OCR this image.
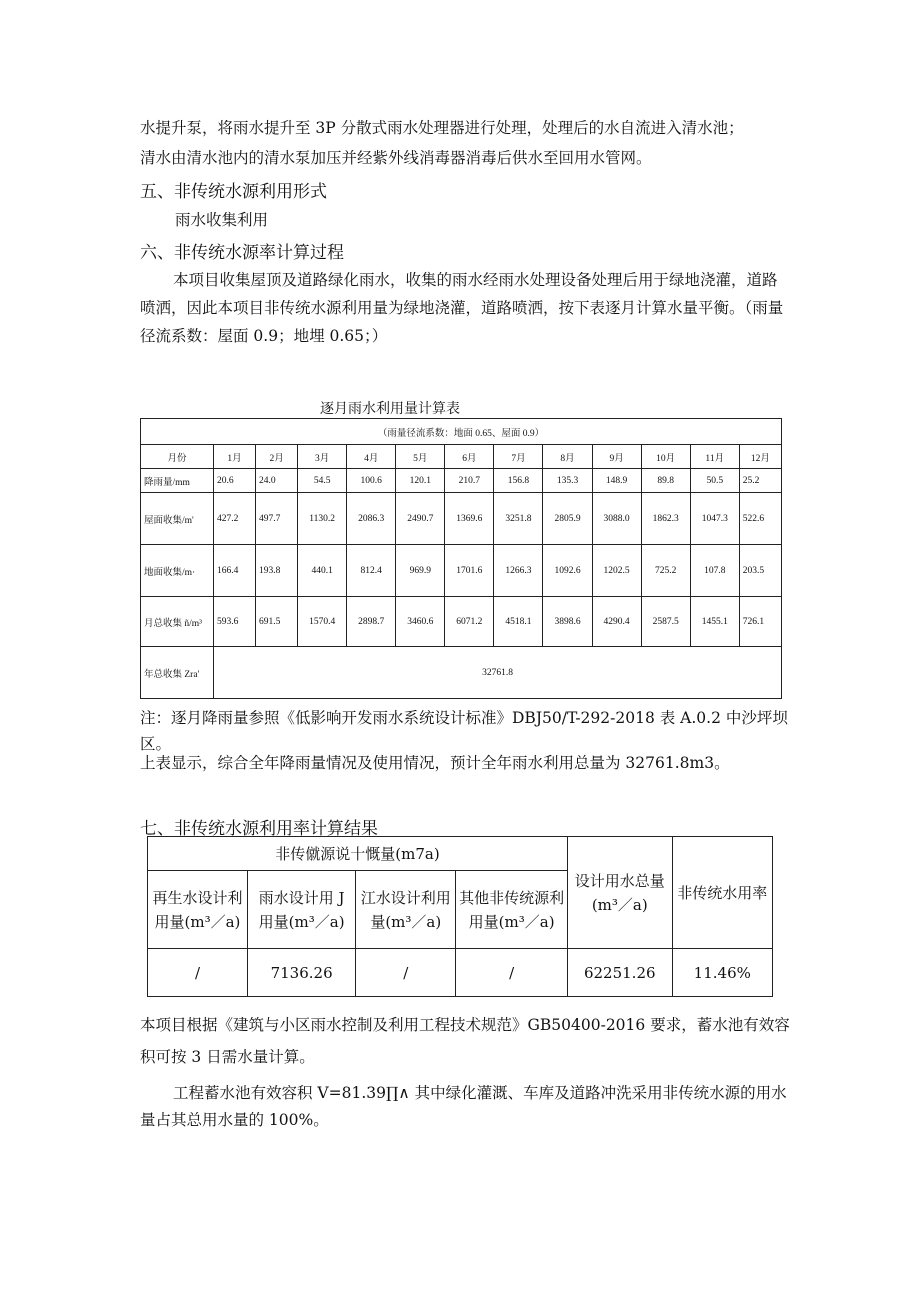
水提升泵，将雨水提升至 3P 分散式雨水处理器进行处理，处理后的水自流进入清水池；

清水由清水池内的清水泵加压并经紫外线消毒器消毒后供水至回用水管网。

五、非传统水源利用形式

雨水收集利用

六、非传统水源率计算过程

本项目收集屋顶及道路绿化雨水，收集的雨水经雨水处理设备处理后用于绿地浇灌，道路喷洒，因此本项目非传统水源利用量为绿地浇灌，道路喷洒，按下表逐月计算水量平衡。（雨量径流系数：屋面 0.9；地埋 0.65；）

逐月雨水利用量计算表
（雨量径流系数：地面 0.65、屋面 0.9）												
月份	1月	2月	3月	4月	5月	6月	7月	8月	9月	10月	11月	12月
降雨量/mm	20.6	24.0	54.5	100.6	120.1	210.7	156.8	135.3	148.9	89.8	50.5	25.2
屋面收集/m'	427.2	497.7	1130.2	2086.3	2490.7	1369.6	3251.8	2805.9	3088.0	1862.3	1047.3	522.6
地面收集/m·	166.4	193.8	440.1	812.4	969.9	1701.6	1266.3	1092.6	1202.5	725.2	107.8	203.5
月总收集 ñ/m³	593.6	691.5	1570.4	2898.7	3460.6	6071.2	4518.1	3898.6	4290.4	2587.5	1455.1	726.1
年总收集 Zra'	32761.8											

注：逐月降雨量参照《低影响开发雨水系统设计标准》DBJ50/T-292-2018 表 A.0.2 中沙坪坝区。

上表显示，综合全年降雨量情况及使用情况，预计全年雨水利用总量为 32761.8m3。

七、非传统水源利用率计算结果

非传僦源说十慨量(m7a)				设计用水总量(m³／a)	非传统水用率
再生水设计利用量(m³／a)	雨水设计用 J 用量(m³／a)	江水设计利用量(m³／a)	其他非传统源利用量(m³／a)		
/	7136.26	/	/	62251.26	11.46%

本项目根据《建筑与小区雨水控制及利用工程技术规范》GB50400-2016 要求，蓄水池有效容积可按 3 日需水量计算。

工程蓄水池有效容积 V=81.39∏∧ 其中绿化灌溉、车库及道路冲洗采用非传统水源的用水量占其总用水量的 100%。
